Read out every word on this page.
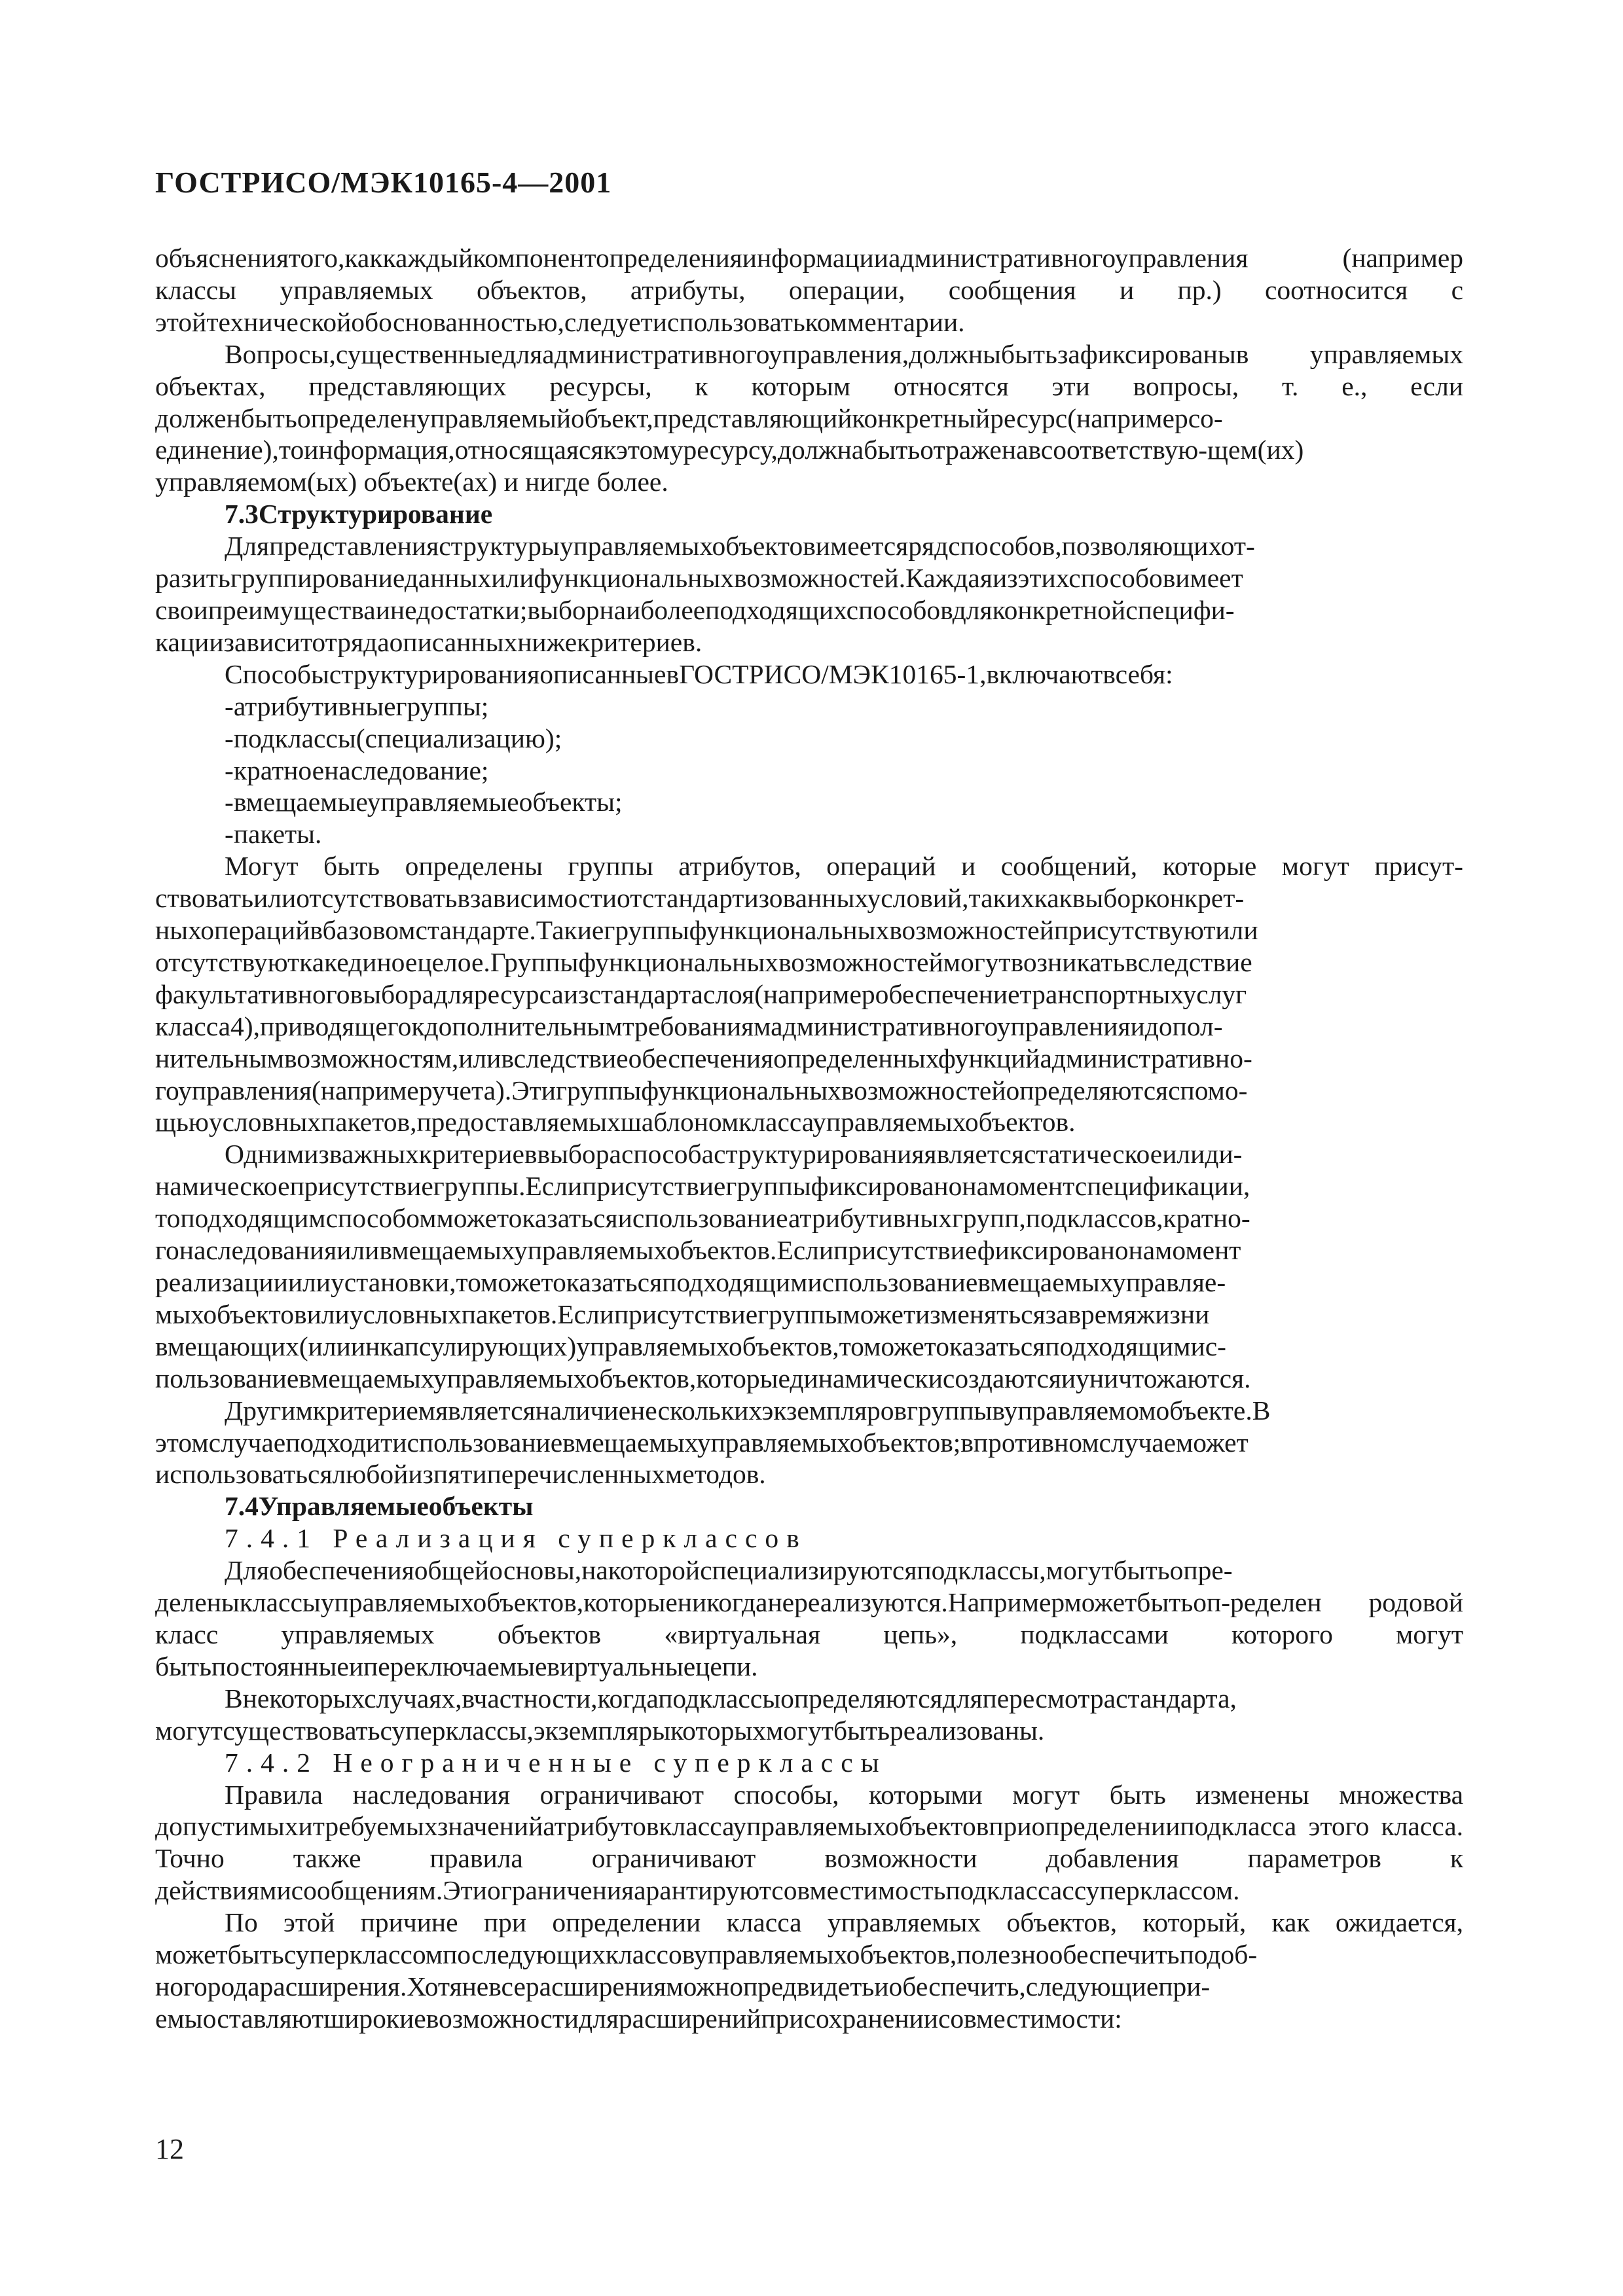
ГОСТРИСО/МЭК10165-4—2001

объяснениятого,каккаждыйкомпонентопределенияинформацииадминистративногоуправления (например классы управляемых объектов, атрибуты, операции, сообщения и пр.) соотносится с этойтехническойобоснованностью,следуетиспользоватькомментарии.

Вопросы,существенныедляадминистративногоуправления,должныбытьзафиксированыв управляемых объектах, представляющих ресурсы, к которым относятся эти вопросы, т. е., если долженбытьопределенуправляемыйобъект,представляющийконкретныйресурс(напримерсо-единение),тоинформация,относящаясякэтомуресурсу,должнабытьотраженавсоответствую-щем(их) управляемом(ых) объекте(ах) и нигде более.

7.3Структурирование

Дляпредставленияструктурыуправляемыхобъектовимеетсярядспособов,позволяющихот-разитьгруппированиеданныхилифункциональныхвозможностей.Каждаяизэтихспособовимеет своипреимуществаинедостатки;выборнаиболееподходящихспособовдляконкретнойспецифи-кациизависитотрядаописанныхнижекритериев.

СпособыструктурированияописанныевГОСТРИСО/МЭК10165-1,включаютвсебя:

-атрибутивныегруппы;
-подклассы(специализацию);
-кратноенаследование;
-вмещаемыеуправляемыеобъекты;
-пакеты.

Могут быть определены группы атрибутов, операций и сообщений, которые могут присут-ствоватьилиотсутствоватьвзависимостиотстандартизованныхусловий,такихкаквыборконкрет-ныхоперацийвбазовомстандарте.Такиегруппыфункциональныхвозможностейприсутствуютили отсутствуюткакединоецелое.Группыфункциональныхвозможностеймогутвозникатьвследствие факультативноговыборадляресурсаизстандартаслоя(напримеробеспечениетранспортныхуслуг класса4),приводящегокдополнительнымтребованиямадминистративногоуправленияидопол-нительнымвозможностям,иливследствиеобеспеченияопределенныхфункцийадминистративно-гоуправления(напримеручета).Этигруппыфункциональныхвозможностейопределяютсяспомо-щьюусловныхпакетов,предоставляемыхшаблономклассауправляемыхобъектов.

Однимизважныхкритериеввыбораспособаструктурированияявляетсястатическоеилиди-намическоеприсутствиегруппы.Еслиприсутствиегруппыфиксированонамоментспецификации, топодходящимспособомможетоказатьсяиспользованиеатрибутивныхгрупп,подклассов,кратно-гонаследованияиливмещаемыхуправляемыхобъектов.Еслиприсутствиефиксированонамомент реализацииилиустановки,томожетоказатьсяподходящимиспользованиевмещаемыхуправляе-мыхобъектовилиусловныхпакетов.Еслиприсутствиегруппыможетизменятьсязавремяжизни вмещающих(илиинкапсулирующих)управляемыхобъектов,томожетоказатьсяподходящимис-пользованиевмещаемыхуправляемыхобъектов,которыединамическисоздаютсяиуничтожаются.

Другимкритериемявляетсяналичиенесколькихэкземпляровгруппывуправляемомобъекте.В этомслучаеподходитиспользованиевмещаемыхуправляемыхобъектов;впротивномслучаеможет использоватьсялюбойизпятиперечисленныхметодов.

7.4Управляемыеобъекты
7.4.1 Реализация суперклассов

Дляобеспеченияобщейосновы,накоторойспециализируютсяподклассы,могутбытьопре-деленыклассыуправляемыхобъектов,которыеникогданереализуются.Напримерможетбытьоп-ределен родовой класс управляемых объектов «виртуальная цепь», подклассами которого могут бытьпостоянныеипереключаемыевиртуальныецепи.

Внекоторыхслучаях,вчастности,когдаподклассыопределяютсядляпересмотрастандарта, могутсуществоватьсуперклассы,экземплярыкоторыхмогутбытьреализованы.

7.4.2 Неограниченные суперклассы

Правила наследования ограничивают способы, которыми могут быть изменены множества допустимыхитребуемыхзначенийатрибутовклассауправляемыхобъектовприопределенииподкласса этого класса. Точно также правила ограничивают возможности добавления параметров к действиямисообщениям.Этиограниченияарантируютсовместимостьподклассассуперклассом.

По этой причине при определении класса управляемых объектов, который, как ожидается, можетбытьсуперклассомпоследующихклассовуправляемыхобъектов,полезнообеспечитьподоб-ногородарасширения.Хотяневсерасширенияможнопредвидетьиобеспечить,следующиепри-емыоставляютширокиевозможностидлярасширенийприсохранениисовместимости:

12
